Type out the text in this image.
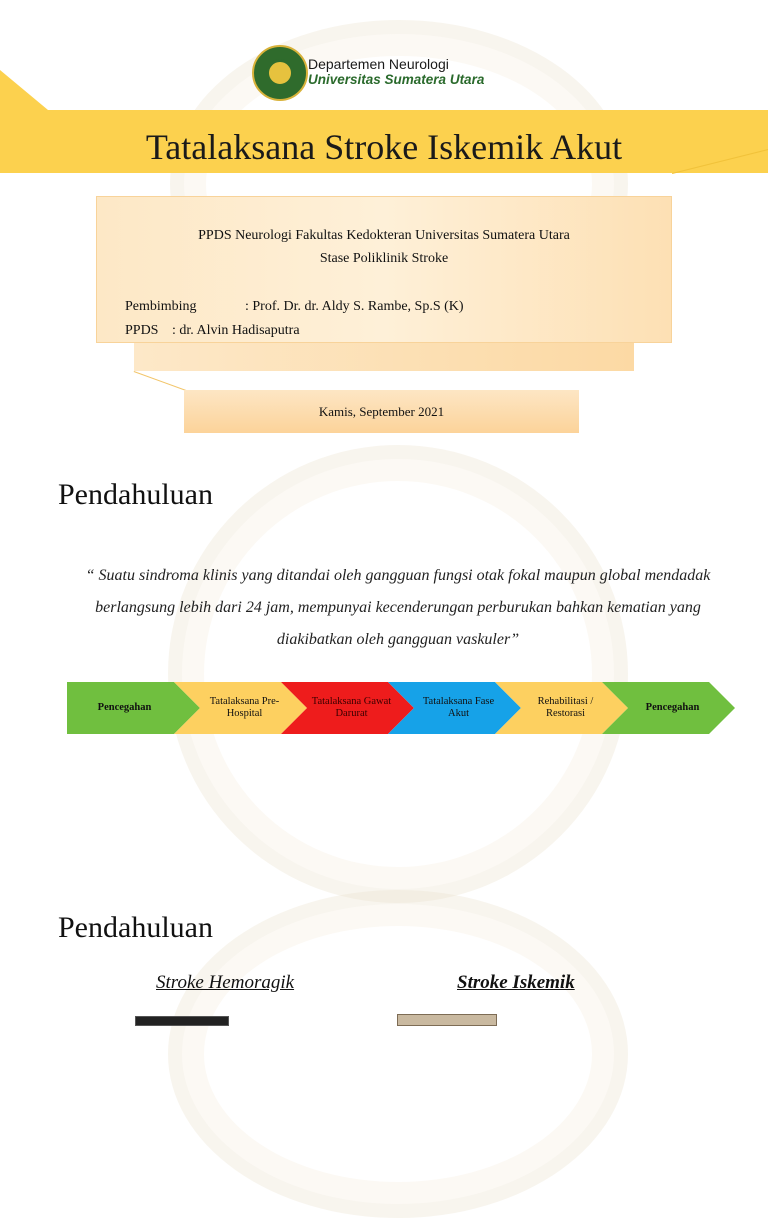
Departemen Neurologi
Universitas Sumatera Utara
Tatalaksana Stroke Iskemik Akut
PPDS Neurologi Fakultas Kedokteran Universitas Sumatera Utara
Stase Poliklinik Stroke
Pembimbing	: Prof. Dr. dr. Aldy S. Rambe, Sp.S (K)
PPDS : dr. Alvin Hadisaputra
Kamis, September 2021
Pendahuluan
“ Suatu sindroma klinis yang ditandai oleh gangguan fungsi otak fokal maupun global mendadak berlangsung lebih dari 24 jam, mempunyai kecenderungan perburukan bahkan kematian yang diakibatkan oleh gangguan vaskuler”
Pencegahan
Tatalaksana Pre-Hospital
Tatalaksana Gawat Darurat
Tatalaksana Fase Akut
Rehabilitasi / Restorasi
Pencegahan
Pendahuluan
Stroke Hemoragik	Stroke Iskemik
